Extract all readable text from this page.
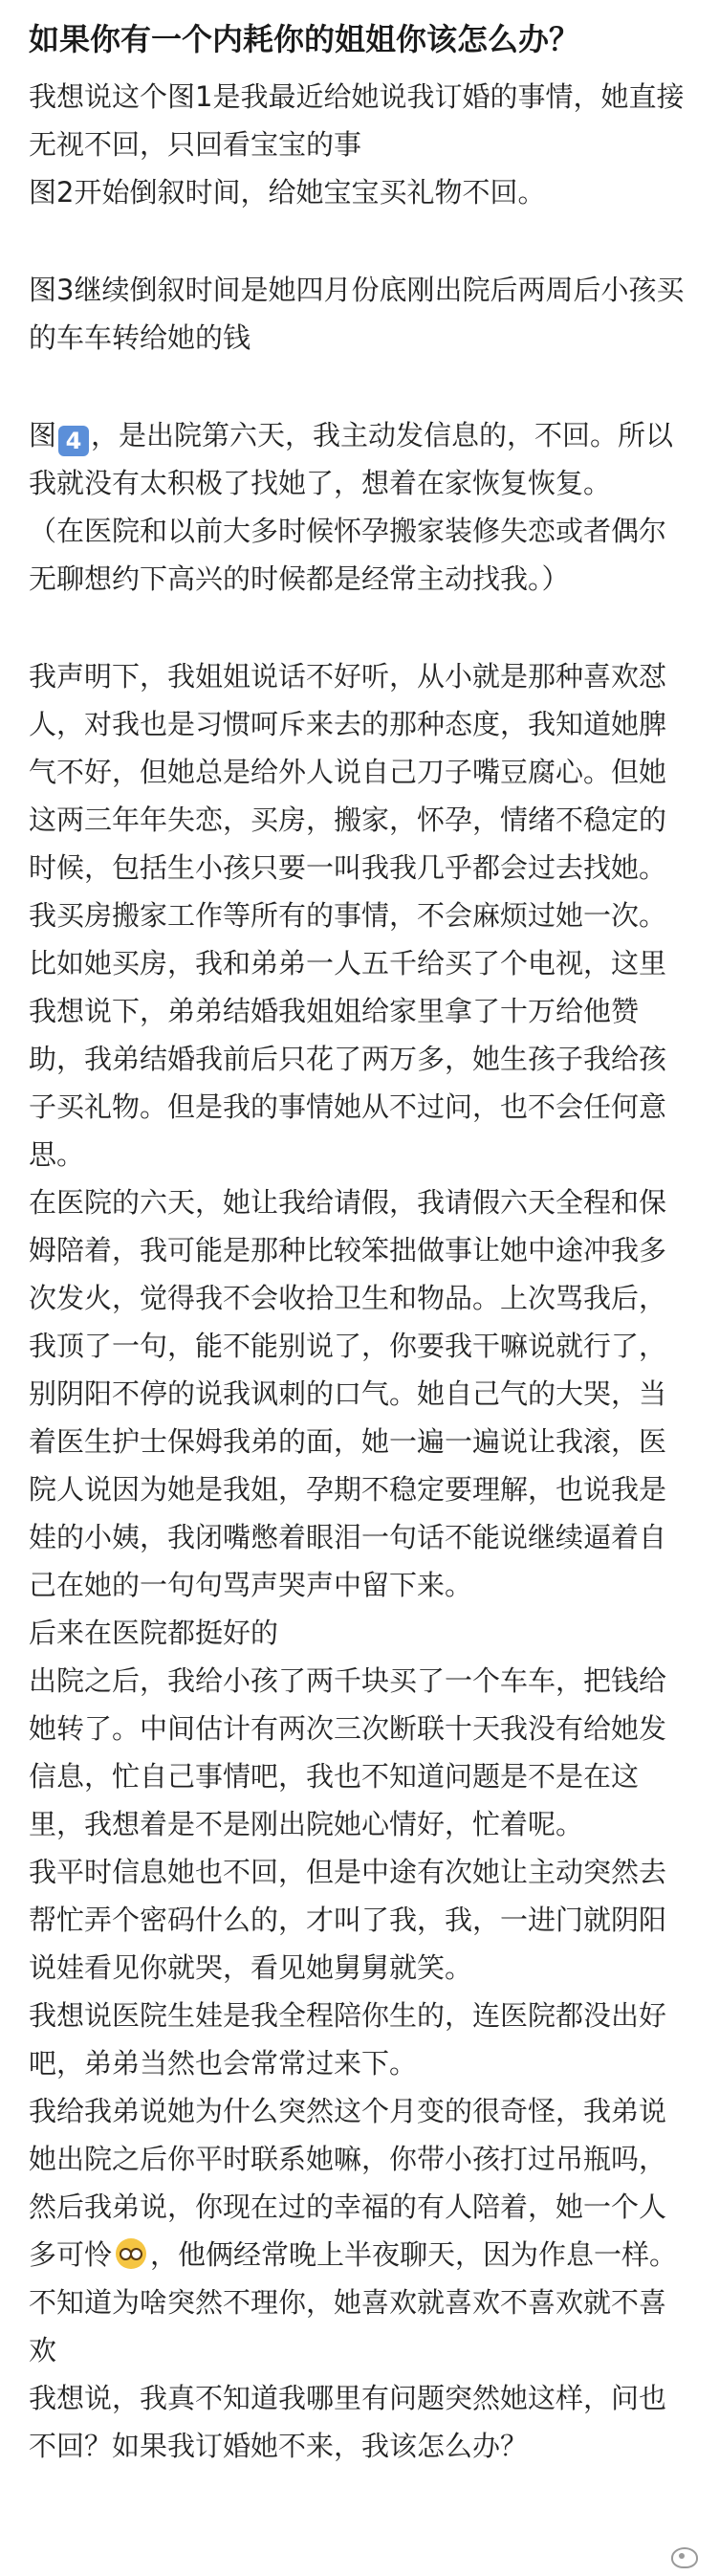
如果你有一个内耗你的姐姐你该怎么办？

我想说这个图1是我最近给她说我订婚的事情，她直接无视不回，只回看宝宝的事
图2开始倒叙时间，给她宝宝买礼物不回。

图3继续倒叙时间是她四月份底刚出院后两周后小孩买的车车转给她的钱

图 4 ，是出院第六天，我主动发信息的，不回。所以我就没有太积极了找她了，想着在家恢复恢复。
（在医院和以前大多时候怀孕搬家装修失恋或者偶尔无聊想约下高兴的时候都是经常主动找我。）

我声明下，我姐姐说话不好听，从小就是那种喜欢怼人，对我也是习惯呵斥来去的那种态度，我知道她脾气不好，但她总是给外人说自己刀子嘴豆腐心。但她这两三年年失恋，买房，搬家，怀孕，情绪不稳定的时候，包括生小孩只要一叫我我几乎都会过去找她。我买房搬家工作等所有的事情，不会麻烦过她一次。比如她买房，我和弟弟一人五千给买了个电视，这里我想说下，弟弟结婚我姐姐给家里拿了十万给他赞助，我弟结婚我前后只花了两万多，她生孩子我给孩子买礼物。但是我的事情她从不过问，也不会任何意思。

在医院的六天，她让我给请假，我请假六天全程和保姆陪着，我可能是那种比较笨拙做事让她中途冲我多次发火，觉得我不会收拾卫生和物品。上次骂我后，我顶了一句，能不能别说了，你要我干嘛说就行了，别阴阳不停的说我讽刺的口气。她自己气的大哭，当着医生护士保姆我弟的面，她一遍一遍说让我滚，医院人说因为她是我姐，孕期不稳定要理解，也说我是娃的小姨，我闭嘴憋着眼泪一句话不能说继续逼着自己在她的一句句骂声哭声中留下来。

后来在医院都挺好的

出院之后，我给小孩了两千块买了一个车车，把钱给她转了。中间估计有两次三次断联十天我没有给她发信息，忙自己事情吧，我也不知道问题是不是在这里，我想着是不是刚出院她心情好，忙着呢。

我平时信息她也不回，但是中途有次她让主动突然去帮忙弄个密码什么的，才叫了我，我，一进门就阴阳说娃看见你就哭，看见她舅舅就笑。

我想说医院生娃是我全程陪你生的，连医院都没出好吧，弟弟当然也会常常过来下。

我给我弟说她为什么突然这个月变的很奇怪，我弟说她出院之后你平时联系她嘛，你带小孩打过吊瓶吗，然后我弟说，你现在过的幸福的有人陪着，她一个人多可怜 ，他俩经常晚上半夜聊天，因为作息一样。不知道为啥突然不理你，她喜欢就喜欢不喜欢就不喜欢

我想说，我真不知道我哪里有问题突然她这样，问也不回？如果我订婚她不来，我该怎么办？
